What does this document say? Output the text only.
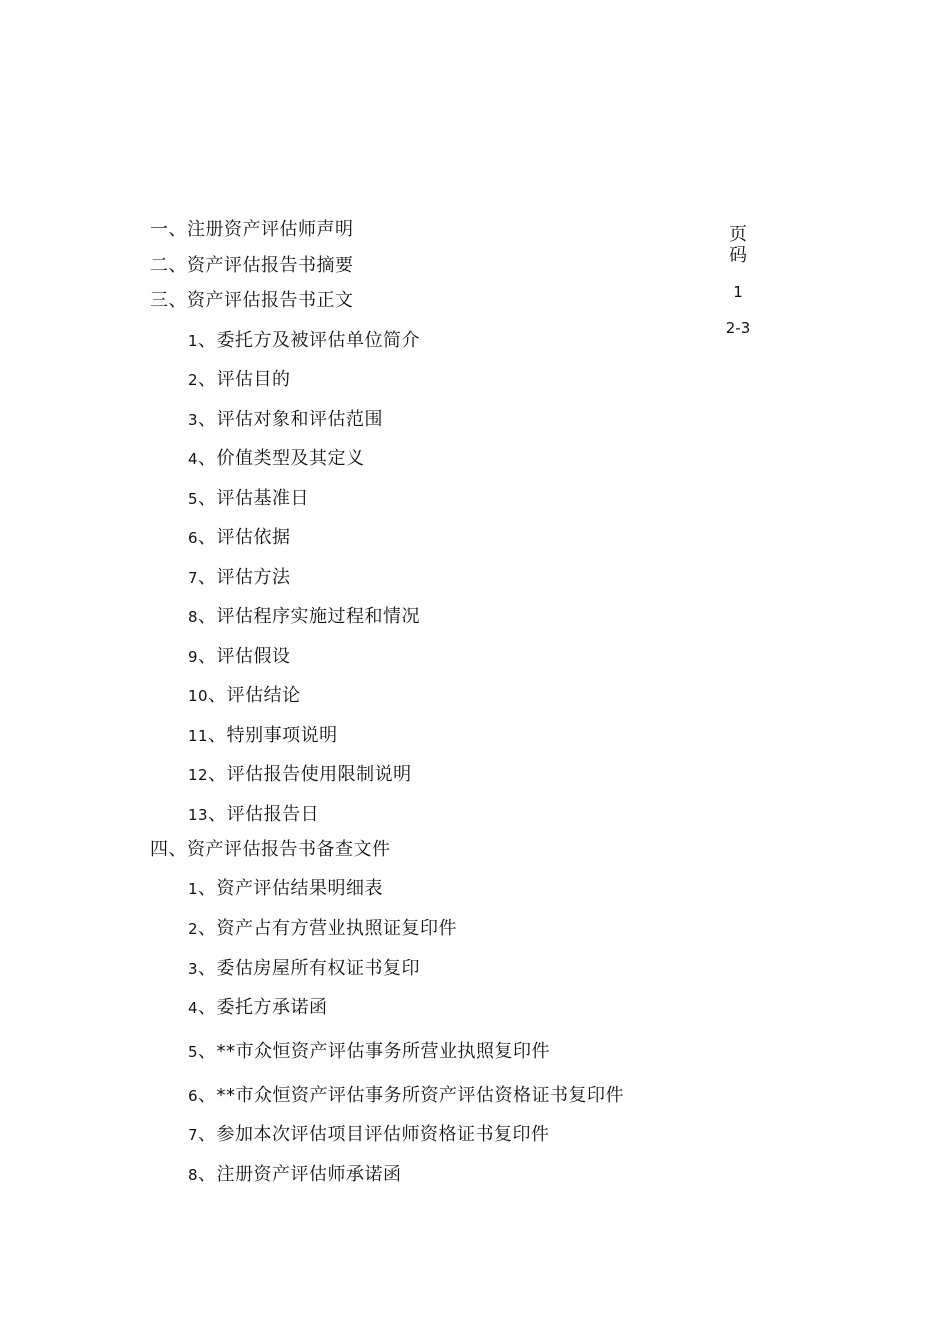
页
码
1
2-3
一、注册资产评估师声明
二、资产评估报告书摘要
三、资产评估报告书正文
1、委托方及被评估单位简介
2、评估目的
3、评估对象和评估范围
4、价值类型及其定义
5、评估基准日
6、评估依据
7、评估方法
8、评估程序实施过程和情况
9、评估假设
10、评估结论
11、特别事项说明
12、评估报告使用限制说明
13、评估报告日
四、资产评估报告书备查文件
1、资产评估结果明细表
2、资产占有方营业执照证复印件
3、委估房屋所有权证书复印
4、委托方承诺函
5、**市众恒资产评估事务所营业执照复印件
6、**市众恒资产评估事务所资产评估资格证书复印件
7、参加本次评估项目评估师资格证书复印件
8、注册资产评估师承诺函
